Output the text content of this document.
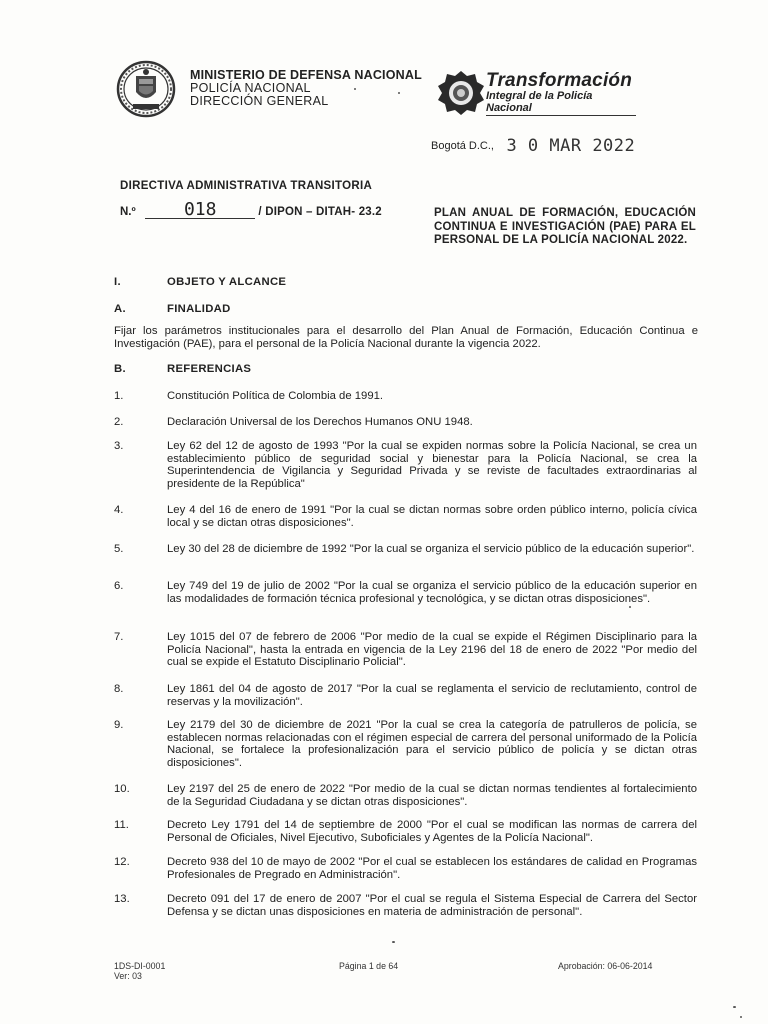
MINISTERIO DE DEFENSA NACIONAL
POLICÍA NACIONAL
DIRECCIÓN GENERAL
Transformación
Integral de la Policía Nacional
Bogotá D.C., 3 0 MAR 2022
DIRECTIVA ADMINISTRATIVA TRANSITORIA
N.º	018	/ DIPON – DITAH- 23.2	PLAN ANUAL DE FORMACIÓN, EDUCACIÓN CONTINUA E INVESTIGACIÓN (PAE) PARA EL PERSONAL DE LA POLICÍA NACIONAL 2022.
I.	OBJETO Y ALCANCE
A.	FINALIDAD
Fijar los parámetros institucionales para el desarrollo del Plan Anual de Formación, Educación Continua e Investigación (PAE), para el personal de la Policía Nacional durante la vigencia 2022.
B.	REFERENCIAS
1.	Constitución Política de Colombia de 1991.
2.	Declaración Universal de los Derechos Humanos ONU 1948.
3.	Ley 62 del 12 de agosto de 1993 "Por la cual se expiden normas sobre la Policía Nacional, se crea un establecimiento público de seguridad social y bienestar para la Policía Nacional, se crea la Superintendencia de Vigilancia y Seguridad Privada y se reviste de facultades extraordinarias al presidente de la República"
4.	Ley 4 del 16 de enero de 1991 "Por la cual se dictan normas sobre orden público interno, policía cívica local y se dictan otras disposiciones".
5.	Ley 30 del 28 de diciembre de 1992 "Por la cual se organiza el servicio público de la educación superior".
6.	Ley 749 del 19 de julio de 2002 "Por la cual se organiza el servicio público de la educación superior en las modalidades de formación técnica profesional y tecnológica, y se dictan otras disposiciones".
7.	Ley 1015 del 07 de febrero de 2006 "Por medio de la cual se expide el Régimen Disciplinario para la Policía Nacional", hasta la entrada en vigencia de la Ley 2196 del 18 de enero de 2022 "Por medio del cual se expide el Estatuto Disciplinario Policial".
8.	Ley 1861 del 04 de agosto de 2017 "Por la cual se reglamenta el servicio de reclutamiento, control de reservas y la movilización".
9.	Ley 2179 del 30 de diciembre de 2021 "Por la cual se crea la categoría de patrulleros de policía, se establecen normas relacionadas con el régimen especial de carrera del personal uniformado de la Policía Nacional, se fortalece la profesionalización para el servicio público de policía y se dictan otras disposiciones".
10.	Ley 2197 del 25 de enero de 2022 "Por medio de la cual se dictan normas tendientes al fortalecimiento de la Seguridad Ciudadana y se dictan otras disposiciones".
11.	Decreto Ley 1791 del 14 de septiembre de 2000 "Por el cual se modifican las normas de carrera del Personal de Oficiales, Nivel Ejecutivo, Suboficiales y Agentes de la Policía Nacional".
12.	Decreto 938 del 10 de mayo de 2002 "Por el cual se establecen los estándares de calidad en Programas Profesionales de Pregrado en Administración".
13.	Decreto 091 del 17 de enero de 2007 "Por el cual se regula el Sistema Especial de Carrera del Sector Defensa y se dictan unas disposiciones en materia de administración de personal".
1DS-DI-0001
Ver: 03
Página 1 de 64	Aprobación: 06-06-2014
